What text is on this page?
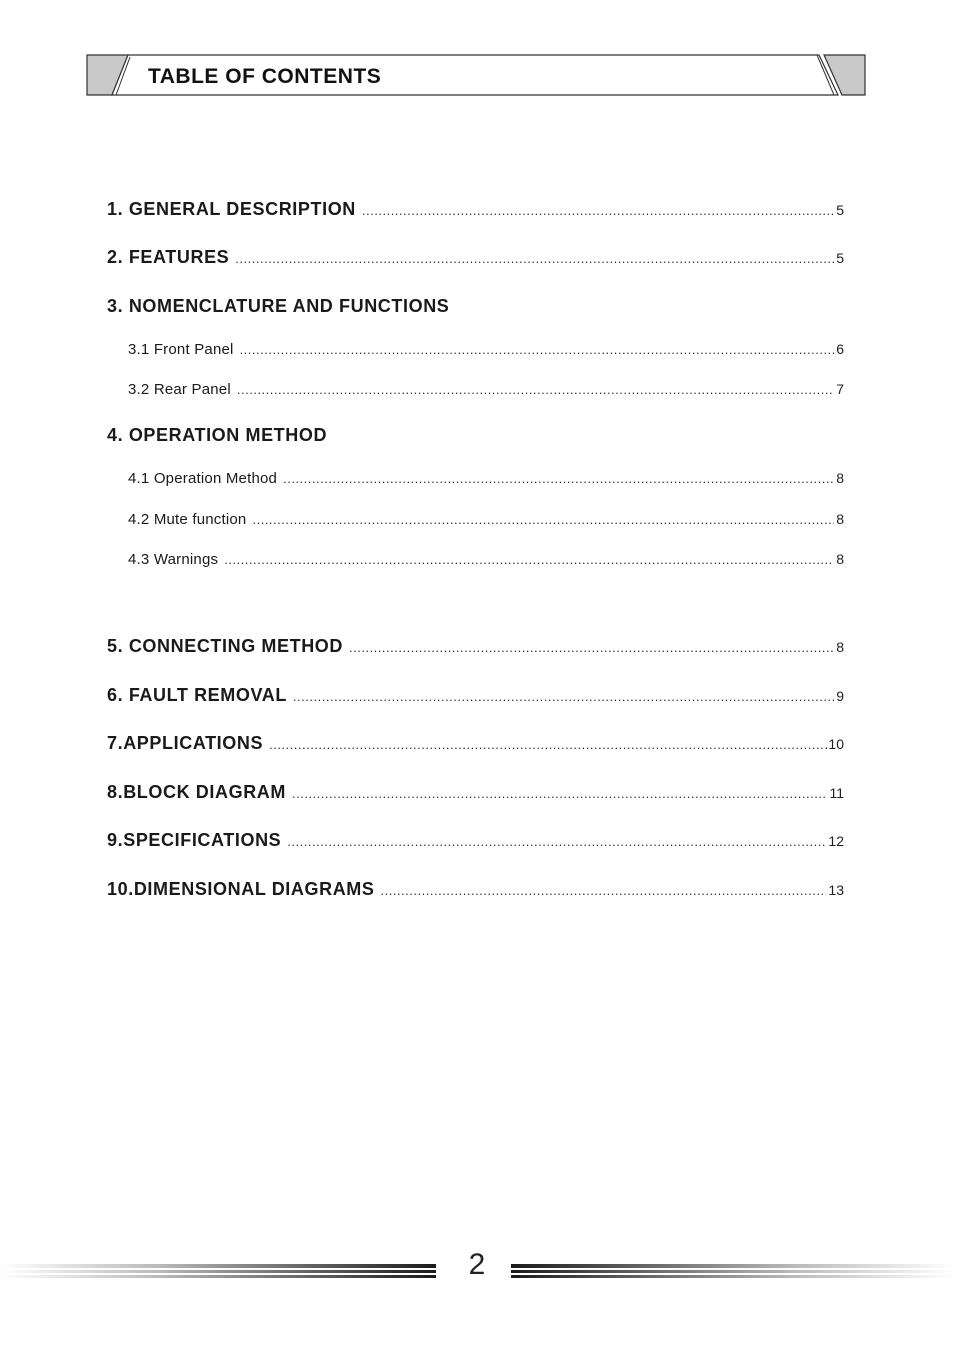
TABLE OF CONTENTS
1. GENERAL DESCRIPTION .....	5
2. FEATURES .....	5
3. NOMENCLATURE AND FUNCTIONS
3.1 Front Panel .....	6
3.2 Rear Panel .....	7
4. OPERATION METHOD
4.1 Operation Method .....	8
4.2 Mute function .....	8
4.3 Warnings .....	8
5. CONNECTING METHOD .....	8
6. FAULT REMOVAL .....	9
7.APPLICATIONS .....	.10
8.BLOCK DIAGRAM .....	11
9.SPECIFICATIONS .....	12
10.DIMENSIONAL DIAGRAMS .....	13
2
